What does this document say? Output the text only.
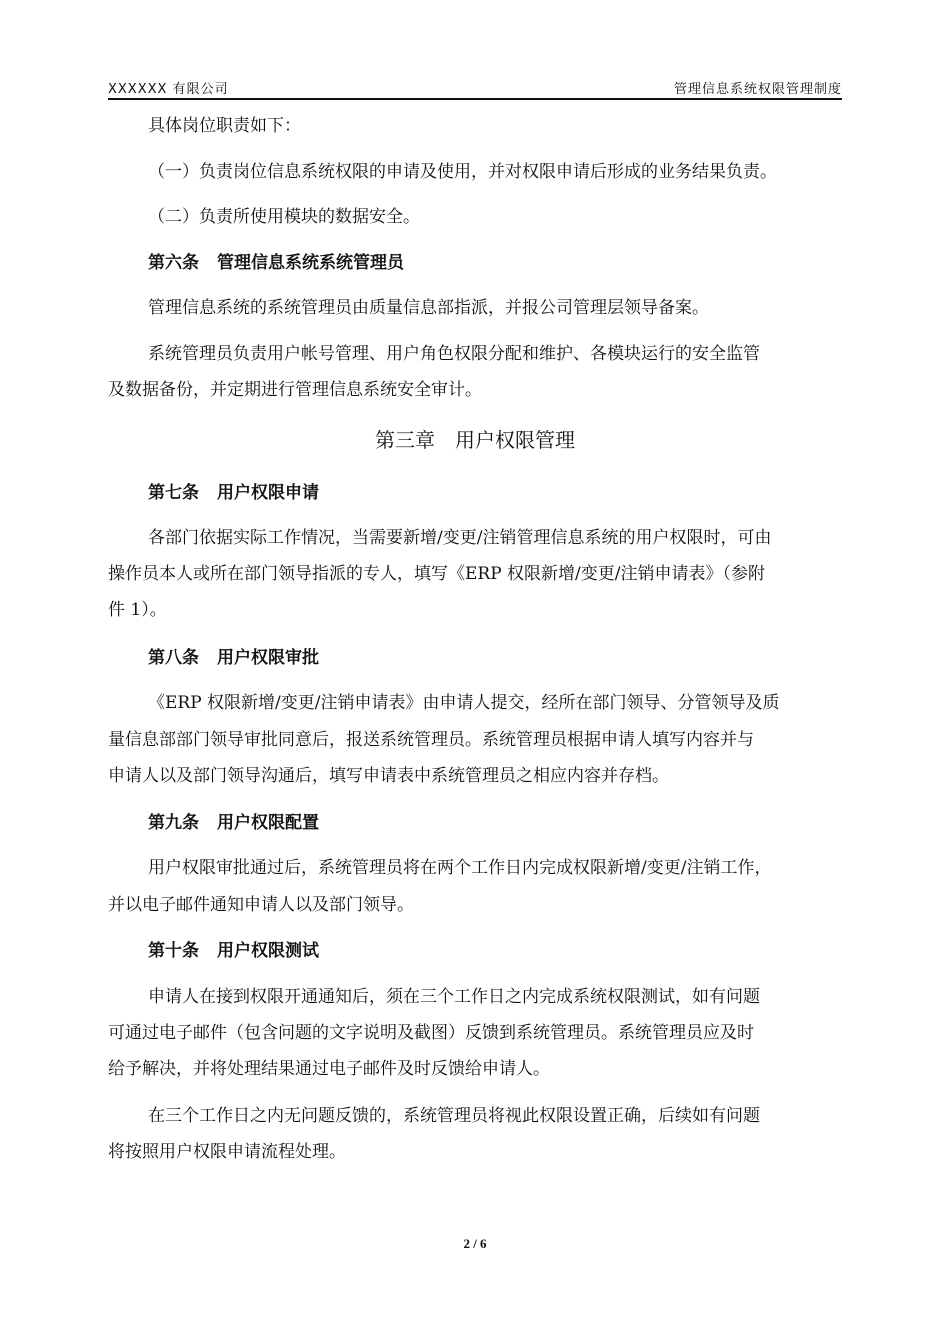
XXXXXX 有限公司	管理信息系统权限管理制度
具体岗位职责如下：
（一）负责岗位信息系统权限的申请及使用，并对权限申请后形成的业务结果负责。
（二）负责所使用模块的数据安全。
第六条 管理信息系统系统管理员
管理信息系统的系统管理员由质量信息部指派，并报公司管理层领导备案。
系统管理员负责用户帐号管理、用户角色权限分配和维护、各模块运行的安全监管
及数据备份，并定期进行管理信息系统安全审计。
第三章 用户权限管理
第七条 用户权限申请
各部门依据实际工作情况，当需要新增/变更/注销管理信息系统的用户权限时，可由
操作员本人或所在部门领导指派的专人，填写《ERP 权限新增/变更/注销申请表》（参附
件 1）。
第八条 用户权限审批
《ERP 权限新增/变更/注销申请表》由申请人提交，经所在部门领导、分管领导及质
量信息部部门领导审批同意后，报送系统管理员。系统管理员根据申请人填写内容并与
申请人以及部门领导沟通后，填写申请表中系统管理员之相应内容并存档。
第九条 用户权限配置
用户权限审批通过后，系统管理员将在两个工作日内完成权限新增/变更/注销工作，
并以电子邮件通知申请人以及部门领导。
第十条 用户权限测试
申请人在接到权限开通通知后，须在三个工作日之内完成系统权限测试，如有问题
可通过电子邮件（包含问题的文字说明及截图）反馈到系统管理员。系统管理员应及时
给予解决，并将处理结果通过电子邮件及时反馈给申请人。
在三个工作日之内无问题反馈的，系统管理员将视此权限设置正确，后续如有问题
将按照用户权限申请流程处理。
2 / 6
